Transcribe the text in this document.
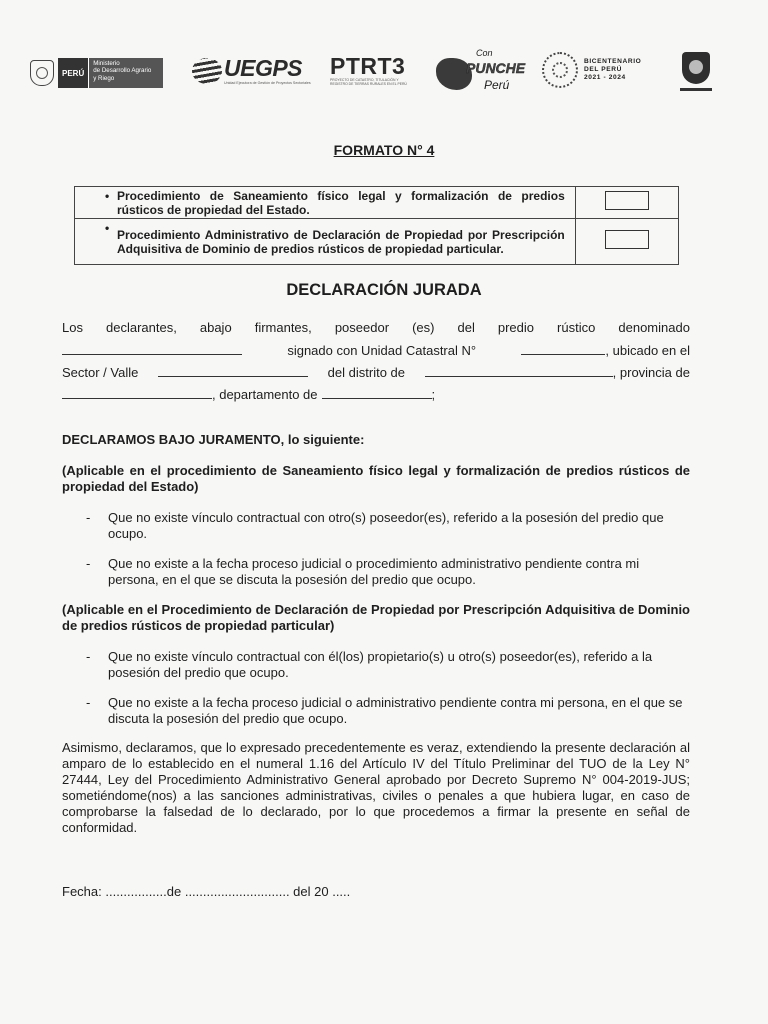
PERÚ
Ministerio
de Desarrollo Agrario
y Riego	UEGPS
Unidad Ejecutora de Gestión de Proyectos Sectoriales
PTRT3
PROYECTO DE CATASTRO, TITULACIÓN Y REGISTRO DE TIERRAS RURALES EN EL PERÚ
Con
PUNCHE
Perú
BICENTENARIO
DEL PERÚ
2021 - 2024
FORMATO N° 4
• Procedimiento de Saneamiento físico legal y formalización de predios rústicos de propiedad del Estado.	

• Procedimiento Administrativo de Declaración de Propiedad por Prescripción Adquisitiva de Dominio de predios rústicos de propiedad particular.	

DECLARACIÓN JURADA
Los declarantes, abajo firmantes, poseedor (es) del predio rústico denominado
signado con Unidad Catastral N°	, ubicado en el
Sector / Valle	del distrito de	, provincia de
, departamento de	;
DECLARAMOS BAJO JURAMENTO, lo siguiente:
(Aplicable en el procedimiento de Saneamiento físico legal y formalización de predios rústicos de propiedad del Estado)
-	Que no existe vínculo contractual con otro(s) poseedor(es), referido a la posesión del predio que ocupo.
-	Que no existe a la fecha proceso judicial o procedimiento administrativo pendiente contra mi persona, en el que se discuta la posesión del predio que ocupo.
(Aplicable en el Procedimiento de Declaración de Propiedad por Prescripción Adquisitiva de Dominio de predios rústicos de propiedad particular)
-	Que no existe vínculo contractual con él(los) propietario(s) u otro(s) poseedor(es), referido a la posesión del predio que ocupo.
-	Que no existe a la fecha proceso judicial o administrativo pendiente contra mi persona, en el que se discuta la posesión del predio que ocupo.
Asimismo, declaramos, que lo expresado precedentemente es veraz, extendiendo la presente declaración al amparo de lo establecido en el numeral 1.16 del Artículo IV del Título Preliminar del TUO de la Ley N° 27444, Ley del Procedimiento Administrativo General aprobado por Decreto Supremo N° 004-2019-JUS; sometiéndome(nos) a las sanciones administrativas, civiles o penales a que hubiera lugar, en caso de comprobarse la falsedad de lo declarado, por lo que procedemos a firmar la presente en señal de conformidad.
Fecha: .................de ............................. del 20 .....
